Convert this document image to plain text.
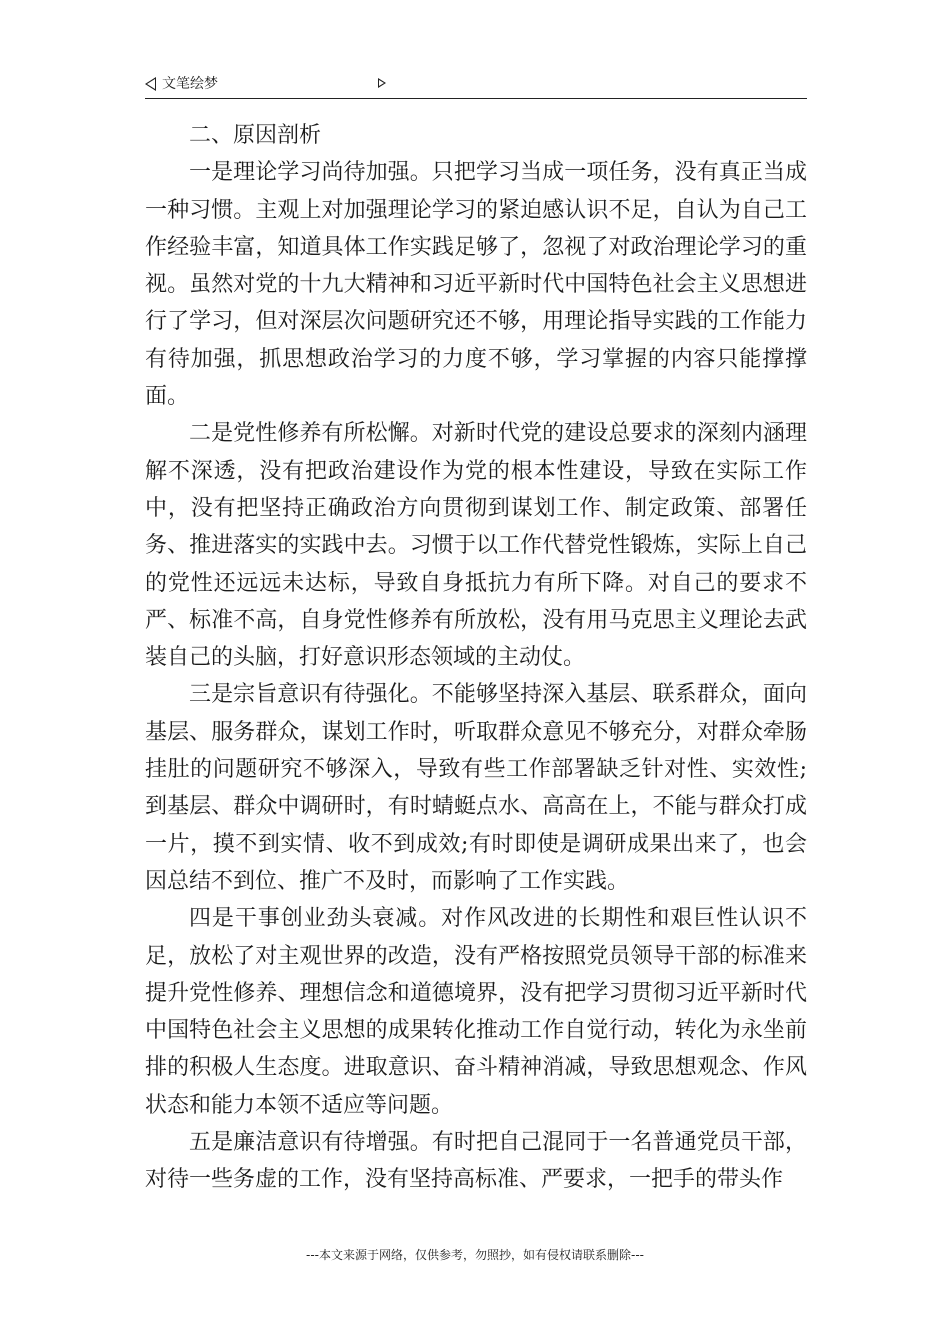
文笔绘梦

二、原因剖析

一是理论学习尚待加强。只把学习当成一项任务，没有真正当成一种习惯。主观上对加强理论学习的紧迫感认识不足，自认为自己工作经验丰富，知道具体工作实践足够了，忽视了对政治理论学习的重视。虽然对党的十九大精神和习近平新时代中国特色社会主义思想进行了学习，但对深层次问题研究还不够，用理论指导实践的工作能力有待加强，抓思想政治学习的力度不够，学习掌握的内容只能撑撑面。

二是党性修养有所松懈。对新时代党的建设总要求的深刻内涵理解不深透，没有把政治建设作为党的根本性建设，导致在实际工作中，没有把坚持正确政治方向贯彻到谋划工作、制定政策、部署任务、推进落实的实践中去。习惯于以工作代替党性锻炼，实际上自己的党性还远远未达标，导致自身抵抗力有所下降。对自己的要求不严、标准不高，自身党性修养有所放松，没有用马克思主义理论去武装自己的头脑，打好意识形态领域的主动仗。

三是宗旨意识有待强化。不能够坚持深入基层、联系群众，面向基层、服务群众，谋划工作时，听取群众意见不够充分，对群众牵肠挂肚的问题研究不够深入，导致有些工作部署缺乏针对性、实效性;到基层、群众中调研时，有时蜻蜓点水、高高在上，不能与群众打成一片，摸不到实情、收不到成效;有时即使是调研成果出来了，也会因总结不到位、推广不及时，而影响了工作实践。

四是干事创业劲头衰减。对作风改进的长期性和艰巨性认识不足，放松了对主观世界的改造，没有严格按照党员领导干部的标准来提升党性修养、理想信念和道德境界，没有把学习贯彻习近平新时代中国特色社会主义思想的成果转化推动工作自觉行动，转化为永坐前排的积极人生态度。进取意识、奋斗精神消减，导致思想观念、作风状态和能力本领不适应等问题。

五是廉洁意识有待增强。有时把自己混同于一名普通党员干部，对待一些务虚的工作，没有坚持高标准、严要求，一把手的带头作

---本文来源于网络，仅供参考，勿照抄，如有侵权请联系删除---
